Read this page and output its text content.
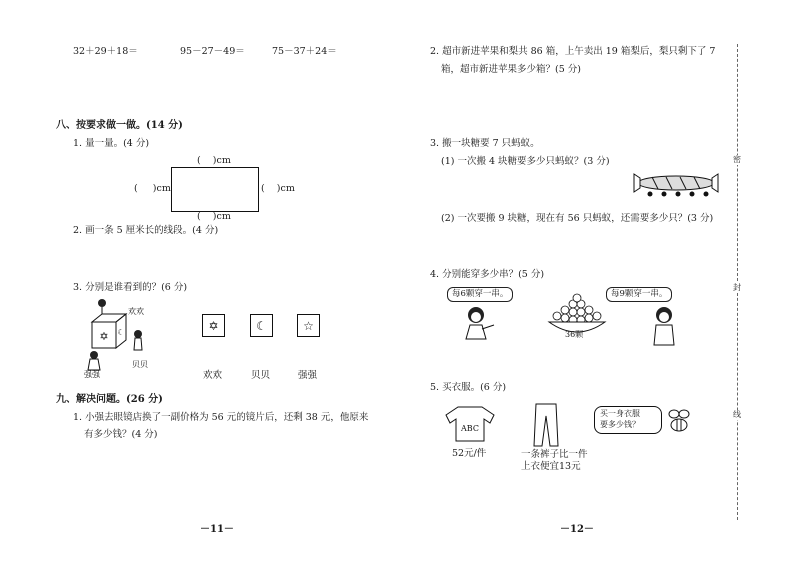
32＋29＋18＝	95－27－49＝	75－37＋24＝
八、按要求做一做。(14 分)
1. 量一量。(4 分)
(    )cm
(    )cm
(     )cm	(    )cm
2. 画一条 5 厘米长的线段。(4 分)
3. 分别是谁看到的？(6 分)
✡ ☾
欢欢
贝贝
强强
✡	☾	☆
欢欢	贝贝	强强
九、解决问题。(26 分)
1. 小强去眼镜店换了一副价格为 56 元的镜片后，还剩 38 元，他原来
有多少钱？(4 分)
－11－
2. 超市新进苹果和梨共 86 箱，上午卖出 19 箱梨后，梨只剩下了 7
箱，超市新进苹果多少箱？(5 分)
3. 搬一块糖要 7 只蚂蚁。
(1) 一次搬 4 块糖要多少只蚂蚁？(3 分)
(2) 一次要搬 9 块糖，现在有 56 只蚂蚁，还需要多少只？(3 分)
4. 分别能穿多少串？(5 分)
每6颗穿一串。	每9颗穿一串。
36颗
5. 买衣服。(6 分)
ABC
52元/件	一条裤子比一件
上衣便宜13元
买一身衣服
要多少钱？
－12－
密
封
线
